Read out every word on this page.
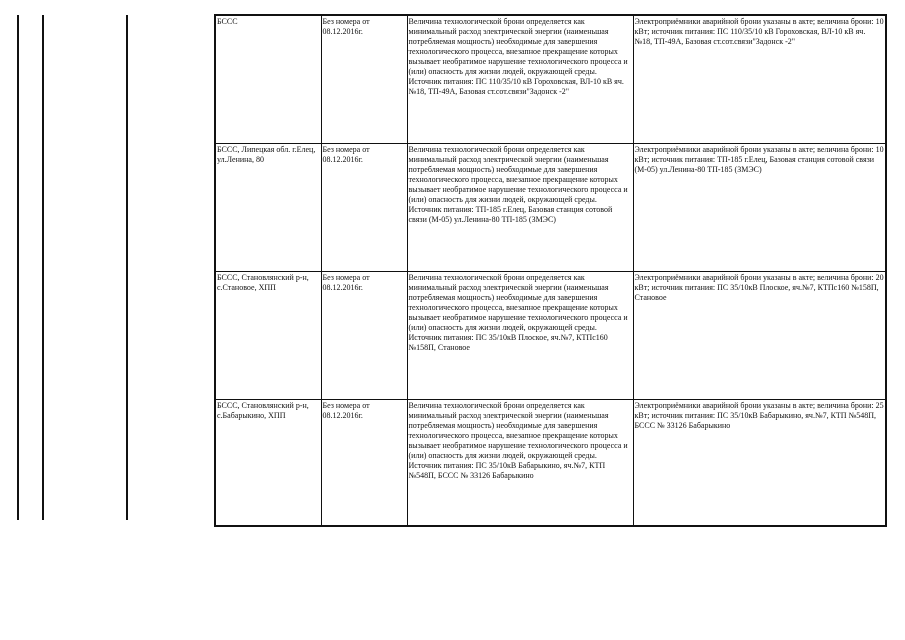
БССС	Без номера от 08.12.2016г.	Величина технологической брони определяется как минимальный расход электрической энергии (наименьшая потребляемая мощность) необходимые для завершения технологического процесса, внезапное прекращение которых вызывает необратимое нарушение технологического процесса и (или) опасность для жизни людей, окружающей среды. Источник питания: ПС 110/35/10 кВ Гороховская, ВЛ-10 кВ яч. №18, ТП-49А, Базовая ст.сот.связи"Задонск -2"	Электроприёмники аварийной брони указаны в акте; величина брони: 10 кВт; источник питания: ПС 110/35/10 кВ Гороховская, ВЛ-10 кВ яч. №18, ТП-49А, Базовая ст.сот.связи"Задонск -2"
БССС, Липецкая обл. г.Елец, ул.Ленина, 80	Без номера от 08.12.2016г.	Величина технологической брони определяется как минимальный расход электрической энергии (наименьшая потребляемая мощность) необходимые для завершения технологического процесса, внезапное прекращение которых вызывает необратимое нарушение технологического процесса и (или) опасность для жизни людей, окружающей среды. Источник питания: ТП-185 г.Елец, Базовая станция сотовой связи (М-05) ул.Ленина-80 ТП-185 (ЗМЭС)	Электроприёмники аварийной брони указаны в акте; величина брони: 10 кВт; источник питания: ТП-185 г.Елец, Базовая станция сотовой связи (М-05) ул.Ленина-80 ТП-185 (ЗМЭС)
БССС, Становлянский р-н, с.Становое, ХПП	Без номера от 08.12.2016г.	Величина технологической брони определяется как минимальный расход электрической энергии (наименьшая потребляемая мощность) необходимые для завершения технологического процесса, внезапное прекращение которых вызывает необратимое нарушение технологического процесса и (или) опасность для жизни людей, окружающей среды. Источник питания: ПС 35/10кВ Плоское, яч.№7, КТПс160 №158П, Становое	Электроприёмники аварийной брони указаны в акте; величина брони: 20 кВт; источник питания: ПС 35/10кВ Плоское, яч.№7, КТПс160 №158П, Становое
БССС, Становлянский р-н, с.Бабарыкино, ХПП	Без номера от 08.12.2016г.	Величина технологической брони определяется как минимальный расход электрической энергии (наименьшая потребляемая мощность) необходимые для завершения технологического процесса, внезапное прекращение которых вызывает необратимое нарушение технологического процесса и (или) опасность для жизни людей, окружающей среды. Источник питания: ПС 35/10кВ Бабарыкино, яч.№7, КТП №548П, БССС № 33126 Бабарыкино	Электроприёмники аварийной брони указаны в акте; величина брони: 25 кВт; источник питания: ПС 35/10кВ Бабарыкино, яч.№7, КТП №548П, БССС № 33126 Бабарыкино
